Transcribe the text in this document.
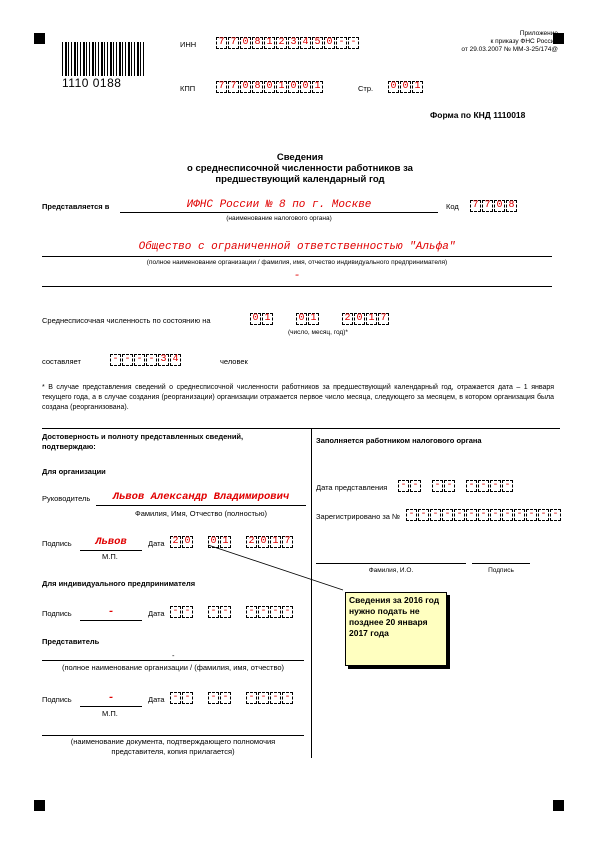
1110 0188
ИНН 7 7 0 8 1 2 3 4 5 0 - -
Приложение
к приказу ФНС России
от 29.03.2007 № ММ-3-25/174@
КПП 7 7 0 8 0 1 0 0 1	Стр. 0 0 1
Форма по КНД 1110018
Сведения
о среднесписочной численности работников за
предшествующий календарный год
Представляется в	ИФНС России № 8 по г. Москве
(наименование налогового органа)
Код 7 7 0 8
Общество с ограниченной ответственностью "Альфа"
(полное наименование организации / фамилия, имя, отчество индивидуального предпринимателя)
-
Среднесписочная численность по состоянию на	0 1	0 1	2 0 1 7
(число, месяц, год)*
составляет	- - - - 3 4	человек
* В случае представления сведений о среднесписочной численности работников за предшествующий календарный год, отражается дата – 1 января текущего года, а в случае создания (реорганизации) организации отражается первое число месяца, следующего за месяцем, в котором организация была создана (реорганизована).
Достоверность и полноту представленных сведений,
подтверждаю:
Для организации
Руководитель	Львов Александр Владимирович
Фамилия, Имя, Отчество (полностью)
Подпись	Львов	Дата 2 0 0 1 2 0 1 7
М.П.
Для индивидуального предпринимателя
Подпись	-	Дата - - - - - - - -
Представитель
-
(полное наименование организации / (фамилия, имя, отчество)
Подпись	-	Дата - - - - - - - -
М.П.
(наименование документа, подтверждающего полномочия
представителя, копия прилагается)
Заполняется работником налогового органа
Дата представления - - - - - - - -
Зарегистрировано за № - - - - - - - - - - - - -
Фамилия, И.О.	Подпись
Сведения за 2016 год
нужно подать не
позднее 20 января
2017 года
